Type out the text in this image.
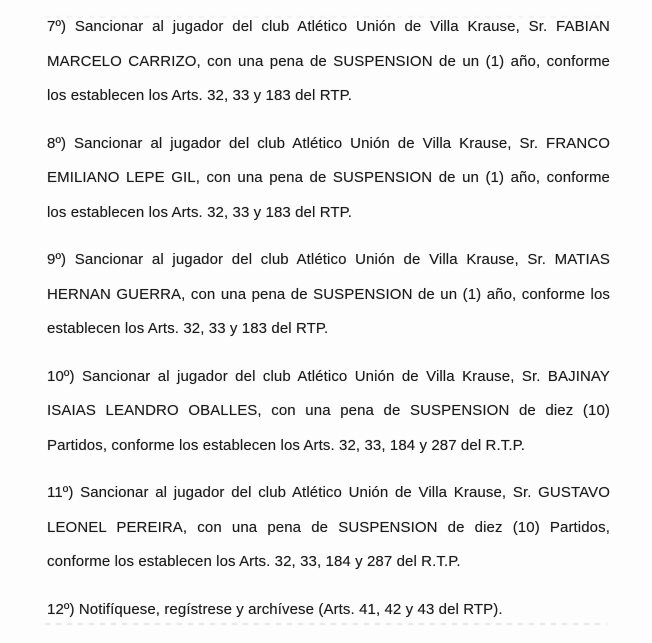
7º) Sancionar al jugador del club Atlético Unión de Villa Krause, Sr. FABIAN
MARCELO CARRIZO, con una pena de SUSPENSION de un (1) año, conforme
los establecen los Arts. 32, 33 y 183 del RTP.
8º) Sancionar al jugador del club Atlético Unión de Villa Krause, Sr. FRANCO
EMILIANO LEPE GIL, con una pena de SUSPENSION de un (1) año, conforme
los establecen los Arts. 32, 33 y 183 del RTP.
9º) Sancionar al jugador del club Atlético Unión de Villa Krause, Sr. MATIAS
HERNAN GUERRA, con una pena de SUSPENSION de un (1) año, conforme los
establecen los Arts. 32, 33 y 183 del RTP.
10º) Sancionar al jugador del club Atlético Unión de Villa Krause, Sr. BAJINAY
ISAIAS LEANDRO OBALLES, con una pena de SUSPENSION de diez (10)
Partidos, conforme los establecen los Arts. 32, 33, 184 y 287 del R.T.P.
11º) Sancionar al jugador del club Atlético Unión de Villa Krause, Sr. GUSTAVO
LEONEL PEREIRA, con una pena de SUSPENSION de diez (10) Partidos,
conforme los establecen los Arts. 32, 33, 184 y 287 del R.T.P.
12º) Notifíquese, regístrese y archívese (Arts. 41, 42 y 43 del RTP).
